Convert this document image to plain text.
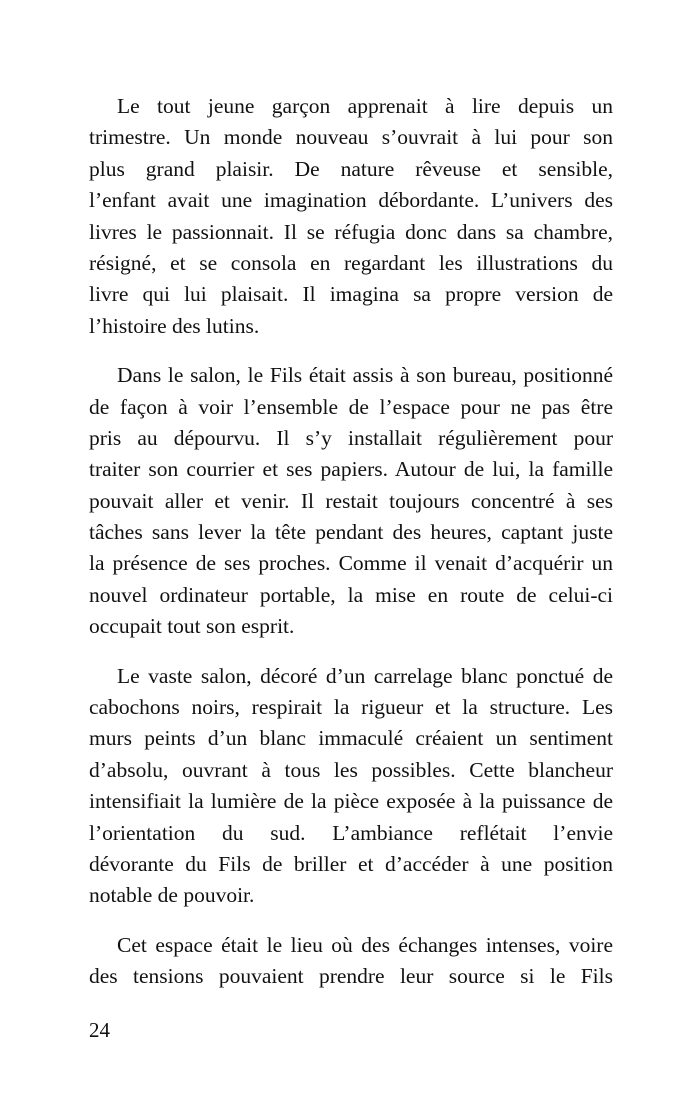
Le tout jeune garçon apprenait à lire depuis un
trimestre. Un monde nouveau s’ouvrait à lui pour son
plus grand plaisir. De nature rêveuse et sensible,
l’enfant avait une imagination débordante. L’univers des
livres le passionnait. Il se réfugia donc dans sa chambre,
résigné, et se consola en regardant les illustrations du
livre qui lui plaisait. Il imagina sa propre version de
l’histoire des lutins.
Dans le salon, le Fils était assis à son bureau, positionné
de façon à voir l’ensemble de l’espace pour ne pas être
pris au dépourvu. Il s’y installait régulièrement pour
traiter son courrier et ses papiers. Autour de lui, la famille
pouvait aller et venir. Il restait toujours concentré à ses
tâches sans lever la tête pendant des heures, captant juste
la présence de ses proches. Comme il venait d’acquérir un
nouvel ordinateur portable, la mise en route de celui-ci
occupait tout son esprit.
Le vaste salon, décoré d’un carrelage blanc ponctué de
cabochons noirs, respirait la rigueur et la structure. Les
murs peints d’un blanc immaculé créaient un sentiment
d’absolu, ouvrant à tous les possibles. Cette blancheur
intensifiait la lumière de la pièce exposée à la puissance de
l’orientation du sud. L’ambiance reflétait l’envie
dévorante du Fils de briller et d’accéder à une position
notable de pouvoir.
Cet espace était le lieu où des échanges intenses, voire
des tensions pouvaient prendre leur source si le Fils
24
